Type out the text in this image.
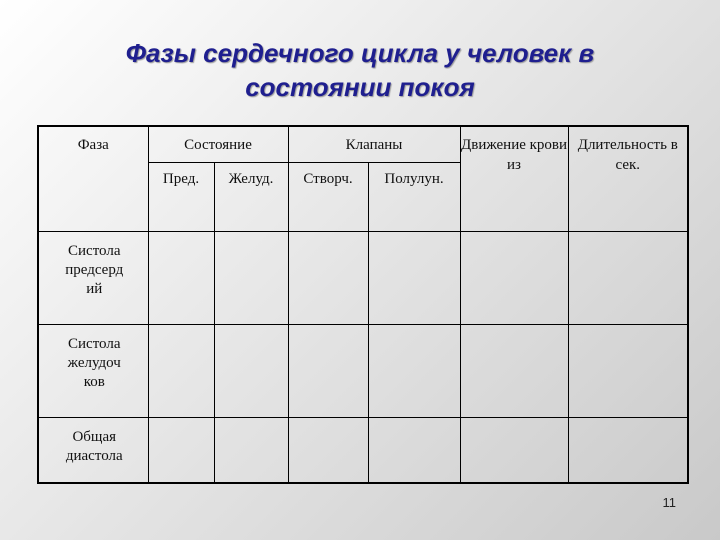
Фазы сердечного цикла у человек в
состоянии покоя
Фаза	Состояние		Клапаны		Движение крови из	Длительность в сек.
	Пред.	Желуд.	Створч.	Полулун.		

Систола
предсерд
ий						

Систола
желудоч
ков						

Общая
диастола						

11
